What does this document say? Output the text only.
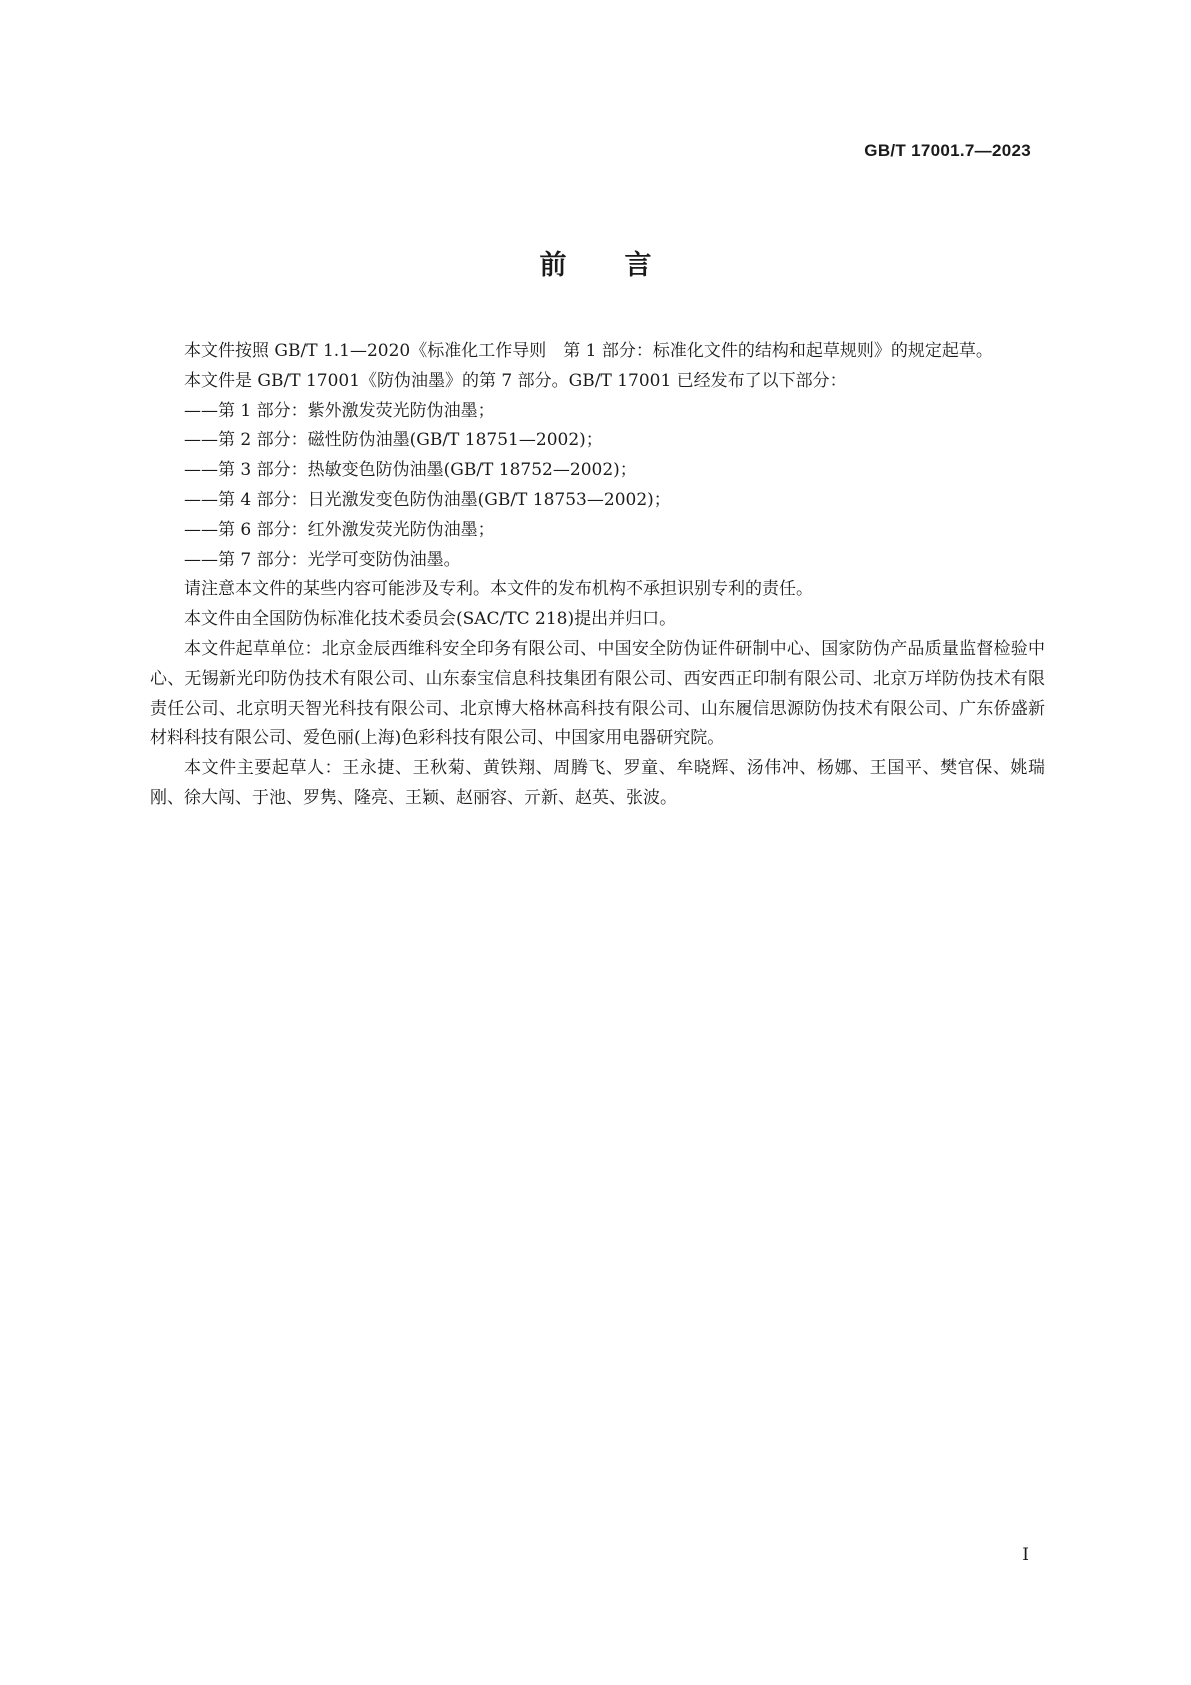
GB/T 17001.7—2023
前 言

本文件按照 GB/T 1.1—2020《标准化工作导则　第 1 部分：标准化文件的结构和起草规则》的规定起草。

本文件是 GB/T 17001《防伪油墨》的第 7 部分。GB/T 17001 已经发布了以下部分：

——第 1 部分：紫外激发荧光防伪油墨；

——第 2 部分：磁性防伪油墨(GB/T 18751—2002)；

——第 3 部分：热敏变色防伪油墨(GB/T 18752—2002)；

——第 4 部分：日光激发变色防伪油墨(GB/T 18753—2002)；

——第 6 部分：红外激发荧光防伪油墨；

——第 7 部分：光学可变防伪油墨。

请注意本文件的某些内容可能涉及专利。本文件的发布机构不承担识别专利的责任。

本文件由全国防伪标准化技术委员会(SAC/TC 218)提出并归口。

本文件起草单位：北京金辰西维科安全印务有限公司、中国安全防伪证件研制中心、国家防伪产品质量监督检验中心、无锡新光印防伪技术有限公司、山东泰宝信息科技集团有限公司、西安西正印制有限公司、北京万垟防伪技术有限责任公司、北京明天智光科技有限公司、北京博大格林高科技有限公司、山东履信思源防伪技术有限公司、广东侨盛新材料科技有限公司、爱色丽(上海)色彩科技有限公司、中国家用电器研究院。

本文件主要起草人：王永捷、王秋菊、黄铁翔、周腾飞、罗童、牟晓辉、汤伟冲、杨娜、王国平、樊官保、姚瑞刚、徐大闯、于池、罗隽、隆亮、王颖、赵丽容、亓新、赵英、张波。

I
